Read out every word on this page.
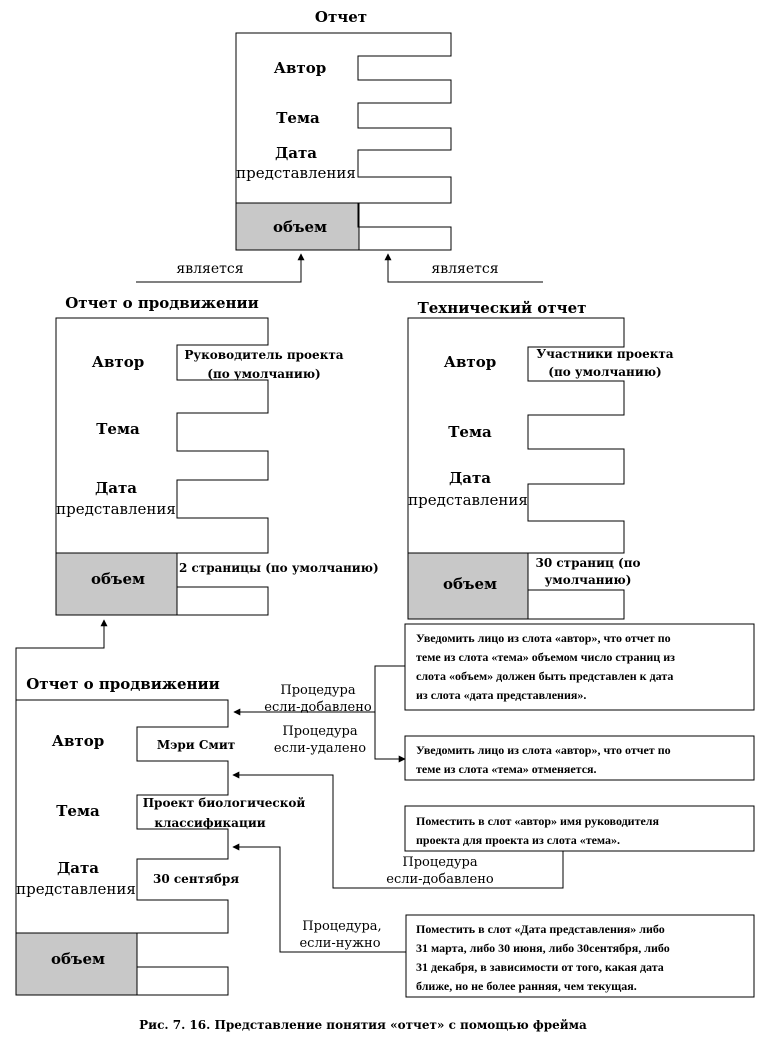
Отчет
Автор
Тема
Дата
представления
объем
является	является
Отчет о продвижении
Автор
Тема
Дата
представления
объем
Руководитель проекта
(по умолчанию)
2 страницы (по умолчанию)
Технический отчет
Автор
Тема
Дата
представления
объем
Участники проекта
(по умолчанию)
30 страниц (по
умолчанию)
Отчет о продвижении
Автор
Тема
Дата
представления
объем
Мэри Смит
Проект биологической
классификации
30 сентября
Процедура
если-добавлено
Процедура
если-удалено
Процедура
если-добавлено
Процедура,
если-нужно
Уведомить лицо из слота «автор», что отчет по
теме из слота «тема» объемом число страниц из
слота «объем» должен быть представлен к дата
из слота «дата представления».
Уведомить лицо из слота «автор», что отчет по
теме из слота «тема» отменяется.
Поместить в слот «автор» имя руководителя
проекта для проекта из слота «тема».
Поместить в слот «Дата представления» либо
31 марта, либо 30 июня, либо 30сентября, либо
31 декабря, в зависимости от того, какая дата
ближе, но не более ранняя, чем текущая.
Рис. 7. 16. Представление понятия «отчет» с помощью фрейма
